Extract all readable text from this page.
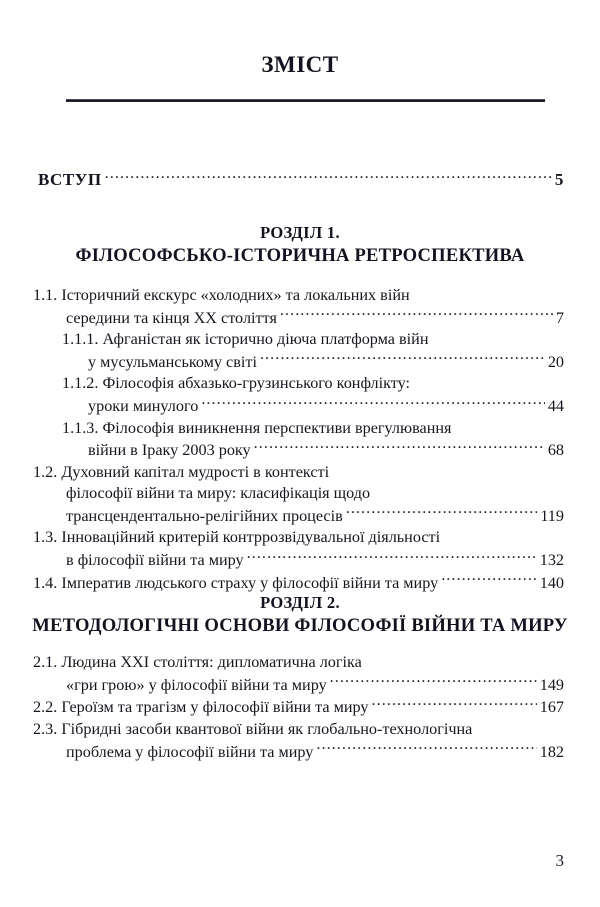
ЗМІСТ
ВСТУП .....	5
РОЗДІЛ 1.
ФІЛОСОФСЬКО-ІСТОРИЧНА РЕТРОСПЕКТИВА
1.1. Історичний екскурс «холодних» та локальних війн
середини та кінця ХХ століття .....	7
1.1.1. Афганістан як історично діюча платформа війн
у мусульманському світі .....	20
1.1.2. Філософія абхазько-грузинського конфлікту:
уроки минулого .....	44
1.1.3. Філософія виникнення перспективи врегулювання
війни в Іраку 2003 року .....	68
1.2. Духовний капітал мудрості в контексті
філософії війни та миру: класифікація щодо
трансцендентально-релігійних процесів .....	119
1.3. Інноваційний критерій контррозвідувальної діяльності
в філософії війни та миру .....	132
1.4. Імператив людського страху у філософії війни та миру .....	140
РОЗДІЛ 2.
МЕТОДОЛОГІЧНІ ОСНОВИ ФІЛОСОФІЇ ВІЙНИ ТА МИРУ
2.1. Людина ХХI століття: дипломатична логіка
«гри грою» у філософії війни та миру .....	149
2.2. Героїзм та трагізм у філософії війни та миру .....	167
2.3. Гібридні засоби квантової війни як глобально-технологічна
проблема у філософії війни та миру .....	182
3
